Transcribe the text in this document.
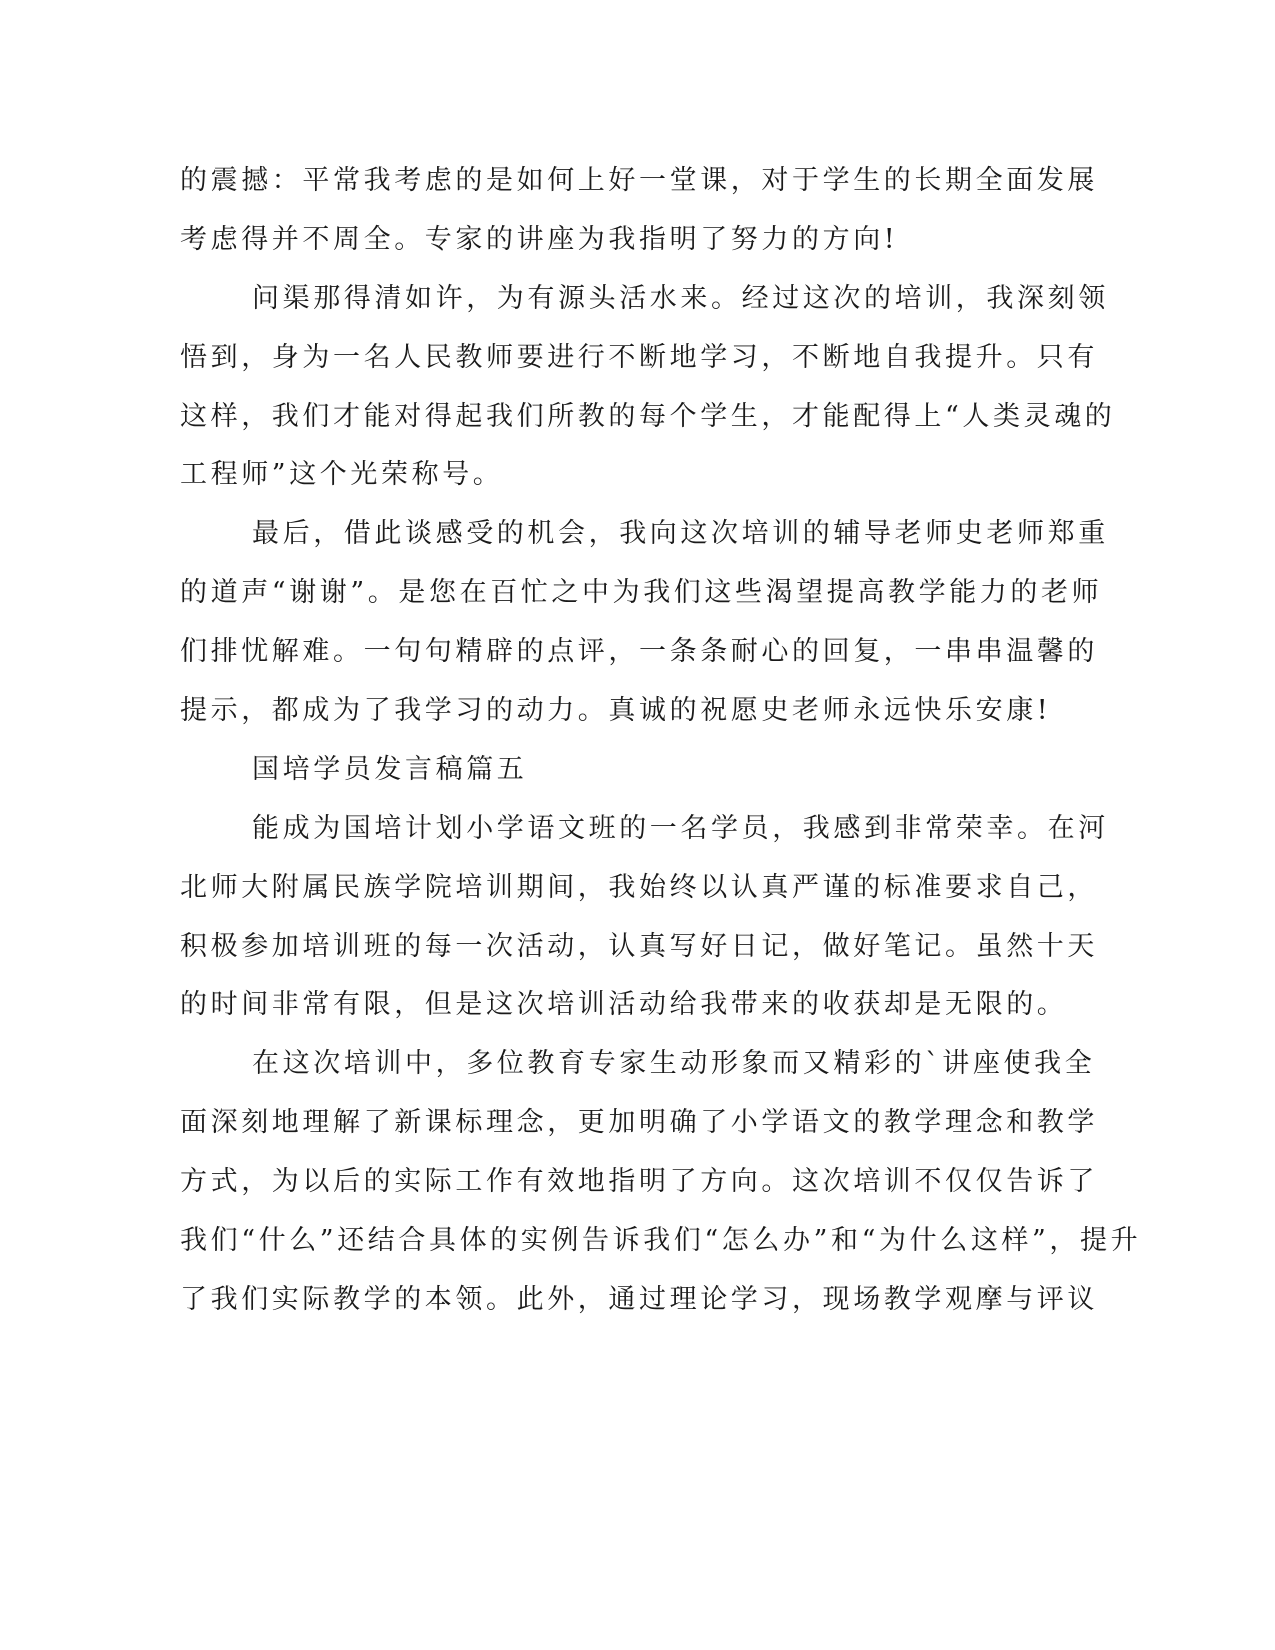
的震撼：平常我考虑的是如何上好一堂课，对于学生的长期全面发展
考虑得并不周全。专家的讲座为我指明了努力的方向!
问渠那得清如许，为有源头活水来。经过这次的培训，我深刻领
悟到，身为一名人民教师要进行不断地学习，不断地自我提升。只有
这样，我们才能对得起我们所教的每个学生，才能配得上“人类灵魂的
工程师”这个光荣称号。
最后，借此谈感受的机会，我向这次培训的辅导老师史老师郑重
的道声“谢谢”。是您在百忙之中为我们这些渴望提高教学能力的老师
们排忧解难。一句句精辟的点评，一条条耐心的回复，一串串温馨的
提示，都成为了我学习的动力。真诚的祝愿史老师永远快乐安康!
国培学员发言稿篇五
能成为国培计划小学语文班的一名学员，我感到非常荣幸。在河
北师大附属民族学院培训期间，我始终以认真严谨的标准要求自己，
积极参加培训班的每一次活动，认真写好日记，做好笔记。虽然十天
的时间非常有限，但是这次培训活动给我带来的收获却是无限的。
在这次培训中，多位教育专家生动形象而又精彩的`讲座使我全
面深刻地理解了新课标理念，更加明确了小学语文的教学理念和教学
方式，为以后的实际工作有效地指明了方向。这次培训不仅仅告诉了
我们“什么”还结合具体的实例告诉我们“怎么办”和“为什么这样”，提升
了我们实际教学的本领。此外，通过理论学习，现场教学观摩与评议
